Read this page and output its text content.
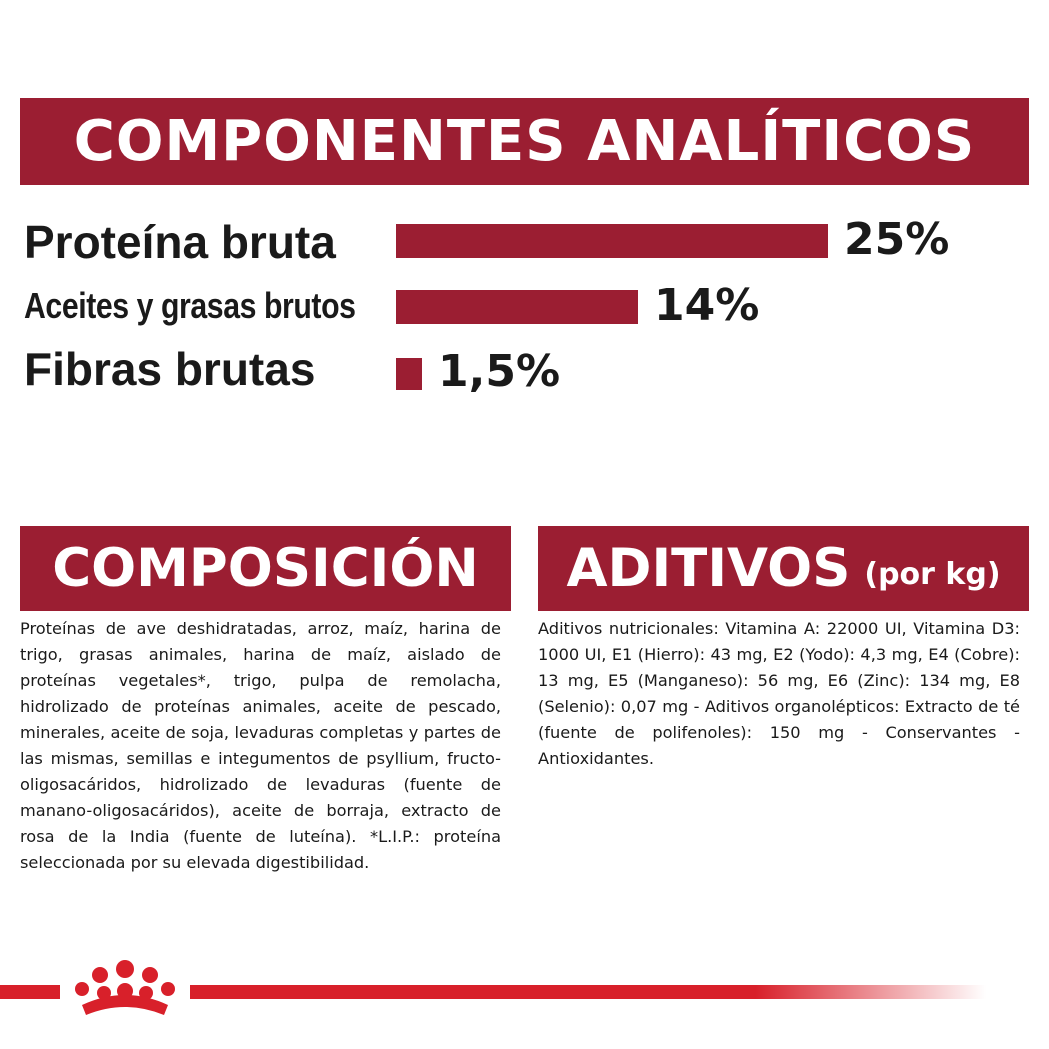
COMPONENTES ANALÍTICOS
Proteína bruta
Aceites y grasas brutos
Fibras brutas
25%
14%
1,5%
COMPOSICIÓN

Proteínas de ave deshidratadas, arroz, maíz, harina de trigo, grasas animales, harina de maíz, aislado de proteínas vegetales*, trigo, pulpa de remolacha, hidrolizado de proteínas animales, aceite de pescado, minerales, aceite de soja, levaduras completas y partes de las mismas, semillas e integumentos de psyllium, fructo-oligosacáridos, hidrolizado de levaduras (fuente de manano-oligosacáridos), aceite de borraja, extracto de rosa de la India (fuente de luteína). *L.I.P.: proteína seleccionada por su elevada digestibilidad.

ADITIVOS (por kg)

Aditivos nutricionales: Vitamina A: 22000 UI, Vitamina D3: 1000 UI, E1 (Hierro): 43 mg, E2 (Yodo): 4,3 mg, E4 (Cobre): 13 mg, E5 (Manganeso): 56 mg, E6 (Zinc): 134 mg, E8 (Selenio): 0,07 mg - Aditivos organolépticos: Extracto de té (fuente de polifenoles): 150 mg - Conservantes - Antioxidantes.
